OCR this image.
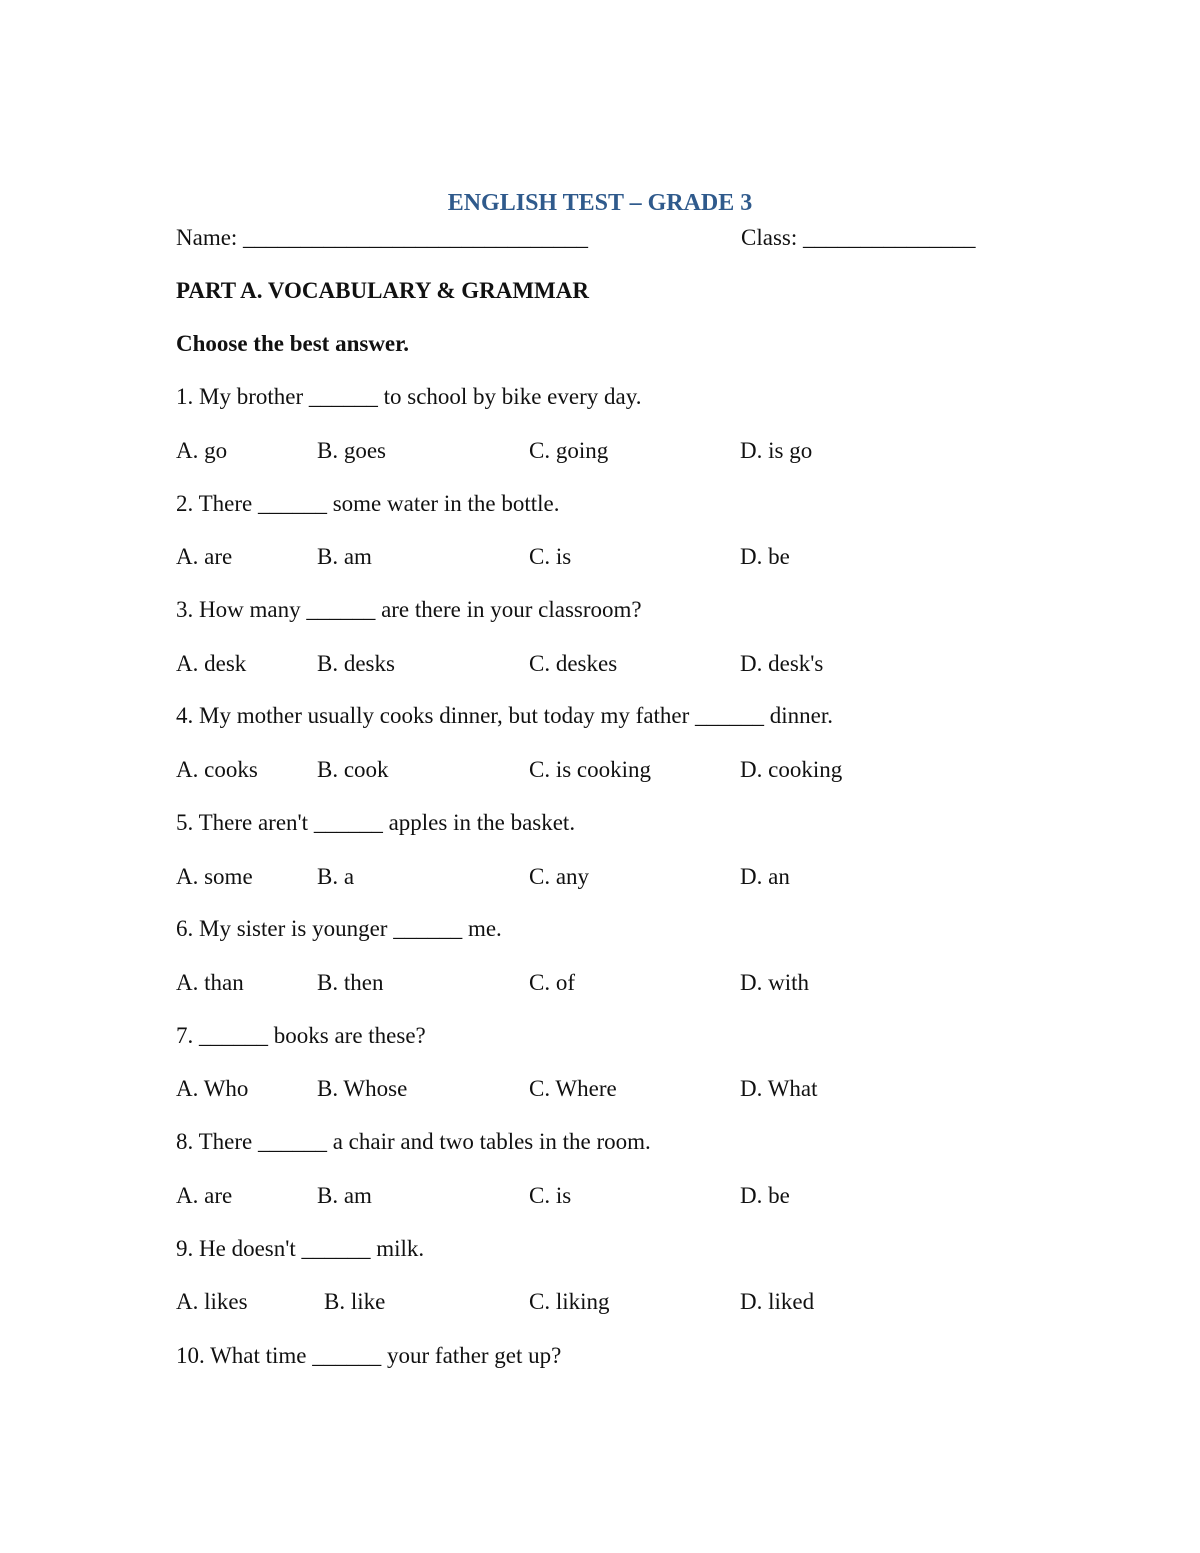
ENGLISH TEST – GRADE 3
Name: ______________________________	Class: _______________
PART A. VOCABULARY & GRAMMAR
Choose the best answer.
1. My brother ______ to school by bike every day.
A. go	B. goes	C. going	D. is go
2. There ______ some water in the bottle.
A. are	B. am	C. is	D. be
3. How many ______ are there in your classroom?
A. desk	B. desks	C. deskes	D. desk's
4. My mother usually cooks dinner, but today my father ______ dinner.
A. cooks	B. cook	C. is cooking	D. cooking
5. There aren't ______ apples in the basket.
A. some	B. a	C. any	D. an
6. My sister is younger ______ me.
A. than	B. then	C. of	D. with
7. ______ books are these?
A. Who	B. Whose	C. Where	D. What
8. There ______ a chair and two tables in the room.
A. are	B. am	C. is	D. be
9. He doesn't ______ milk.
A. likes	B. like	C. liking	D. liked
10. What time ______ your father get up?
